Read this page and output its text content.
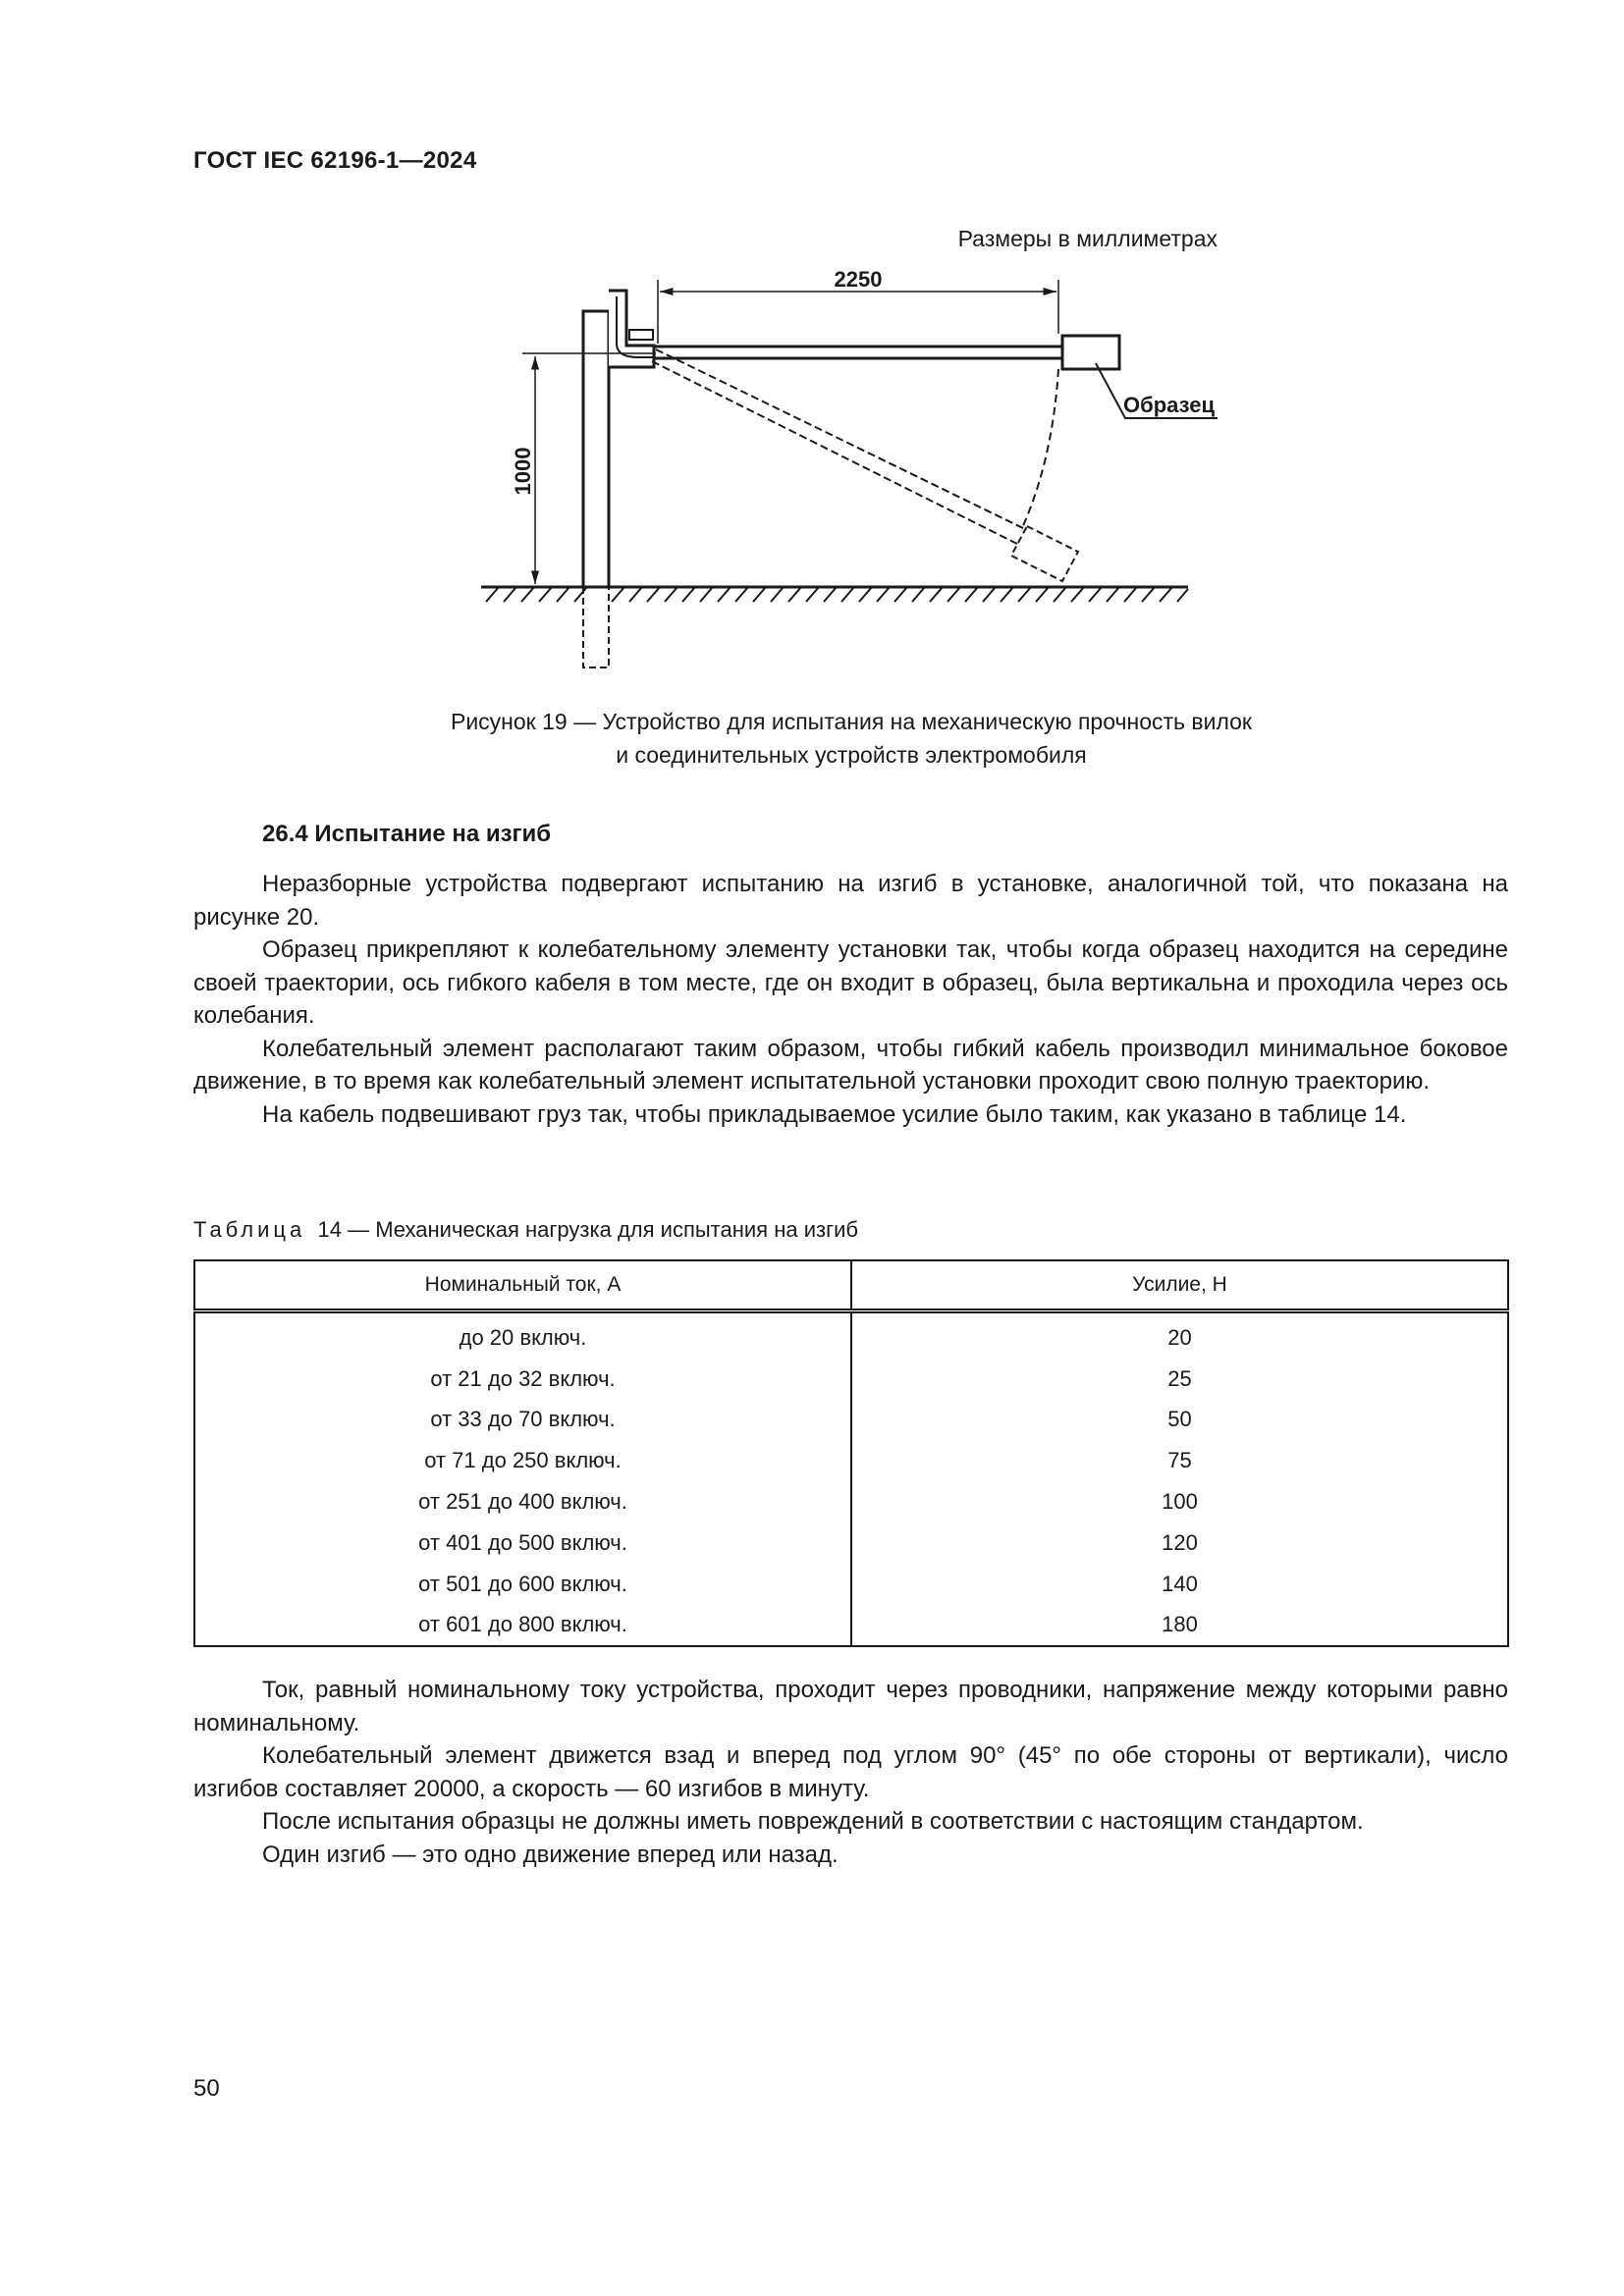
ГОСТ IEC 62196-1—2024
Размеры в миллиметрах
2250
1000
Образец
Рисунок 19 — Устройство для испытания на механическую прочность вилок
и соединительных устройств электромобиля
26.4 Испытание на изгиб

Неразборные устройства подвергают испытанию на изгиб в установке, аналогичной той, что показана на рисунке 20.

Образец прикрепляют к колебательному элементу установки так, чтобы когда образец находится на середине своей траектории, ось гибкого кабеля в том месте, где он входит в образец, была вертикальна и проходила через ось колебания.

Колебательный элемент располагают таким образом, чтобы гибкий кабель производил минимальное боковое движение, в то время как колебательный элемент испытательной установки проходит свою полную траекторию.

На кабель подвешивают груз так, чтобы прикладываемое усилие было таким, как указано в таблице 14.

Таблица 14 — Механическая нагрузка для испытания на изгиб
Номинальный ток, А	Усилие, Н
до 20 включ.	20
от 21 до 32 включ.	25
от 33 до 70 включ.	50
от 71 до 250 включ.	75
от 251 до 400 включ.	100
от 401 до 500 включ.	120
от 501 до 600 включ.	140
от 601 до 800 включ.	180

Ток, равный номинальному току устройства, проходит через проводники, напряжение между которыми равно номинальному.

Колебательный элемент движется взад и вперед под углом 90° (45° по обе стороны от вертикали), число изгибов составляет 20000, а скорость — 60 изгибов в минуту.

После испытания образцы не должны иметь повреждений в соответствии с настоящим стандартом.

Один изгиб — это одно движение вперед или назад.

50
